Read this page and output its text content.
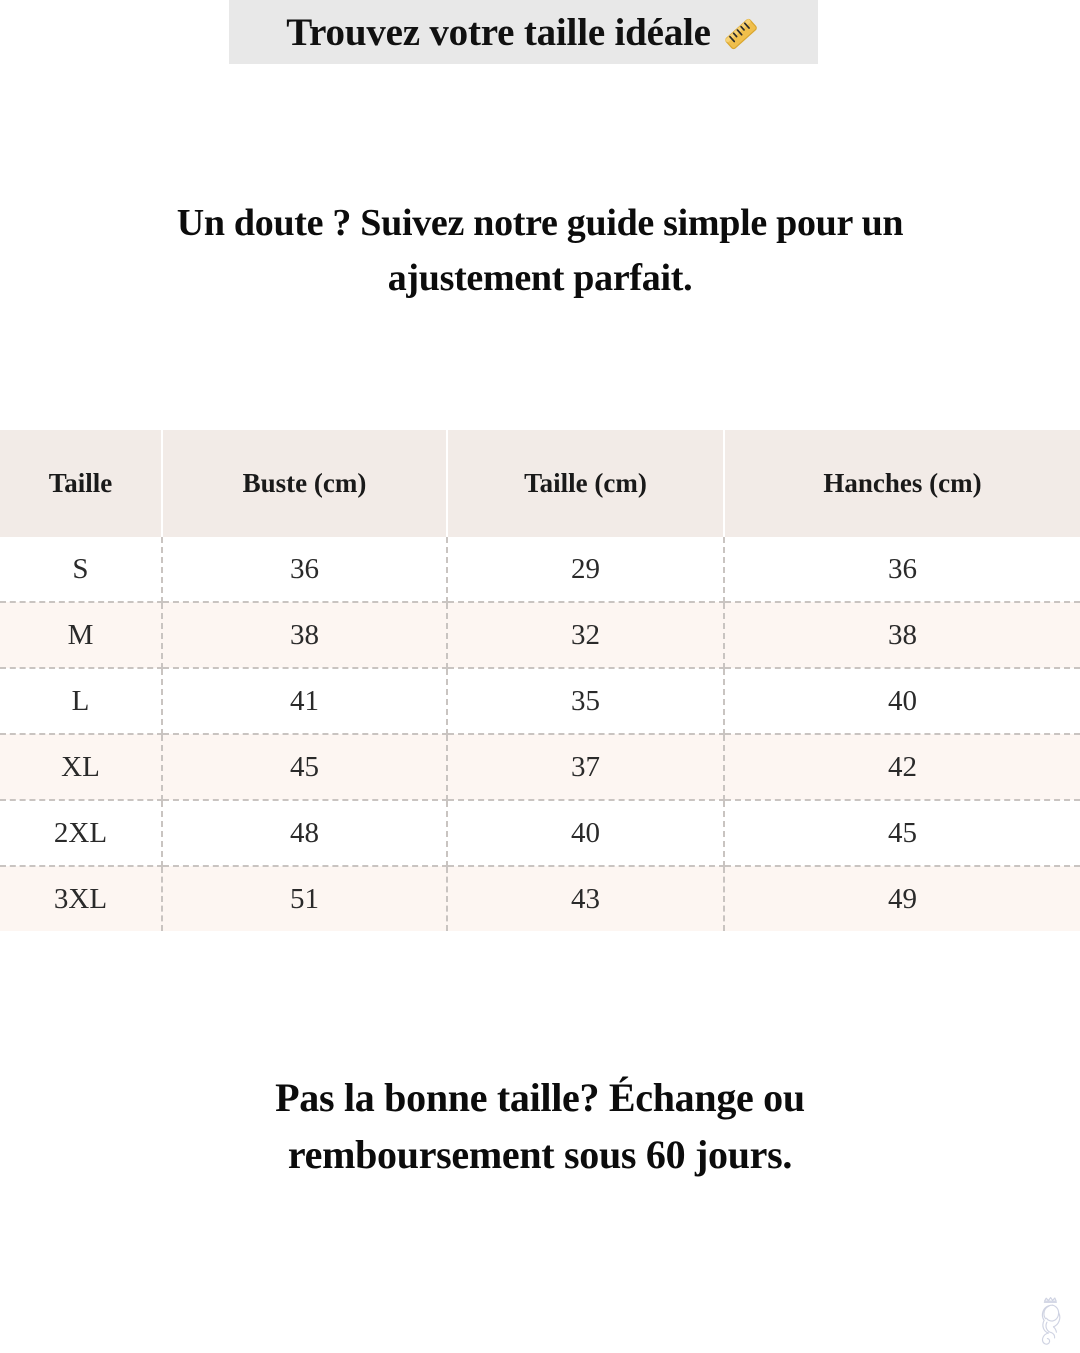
Trouvez votre taille idéale
Un doute ? Suivez notre guide simple pour un ajustement parfait.
Taille	Buste (cm)	Taille (cm)	Hanches (cm)
S	36	29	36
M	38	32	38
L	41	35	40
XL	45	37	42
2XL	48	40	45
3XL	51	43	49
Pas la bonne taille? Échange ou
remboursement sous 60 jours.
